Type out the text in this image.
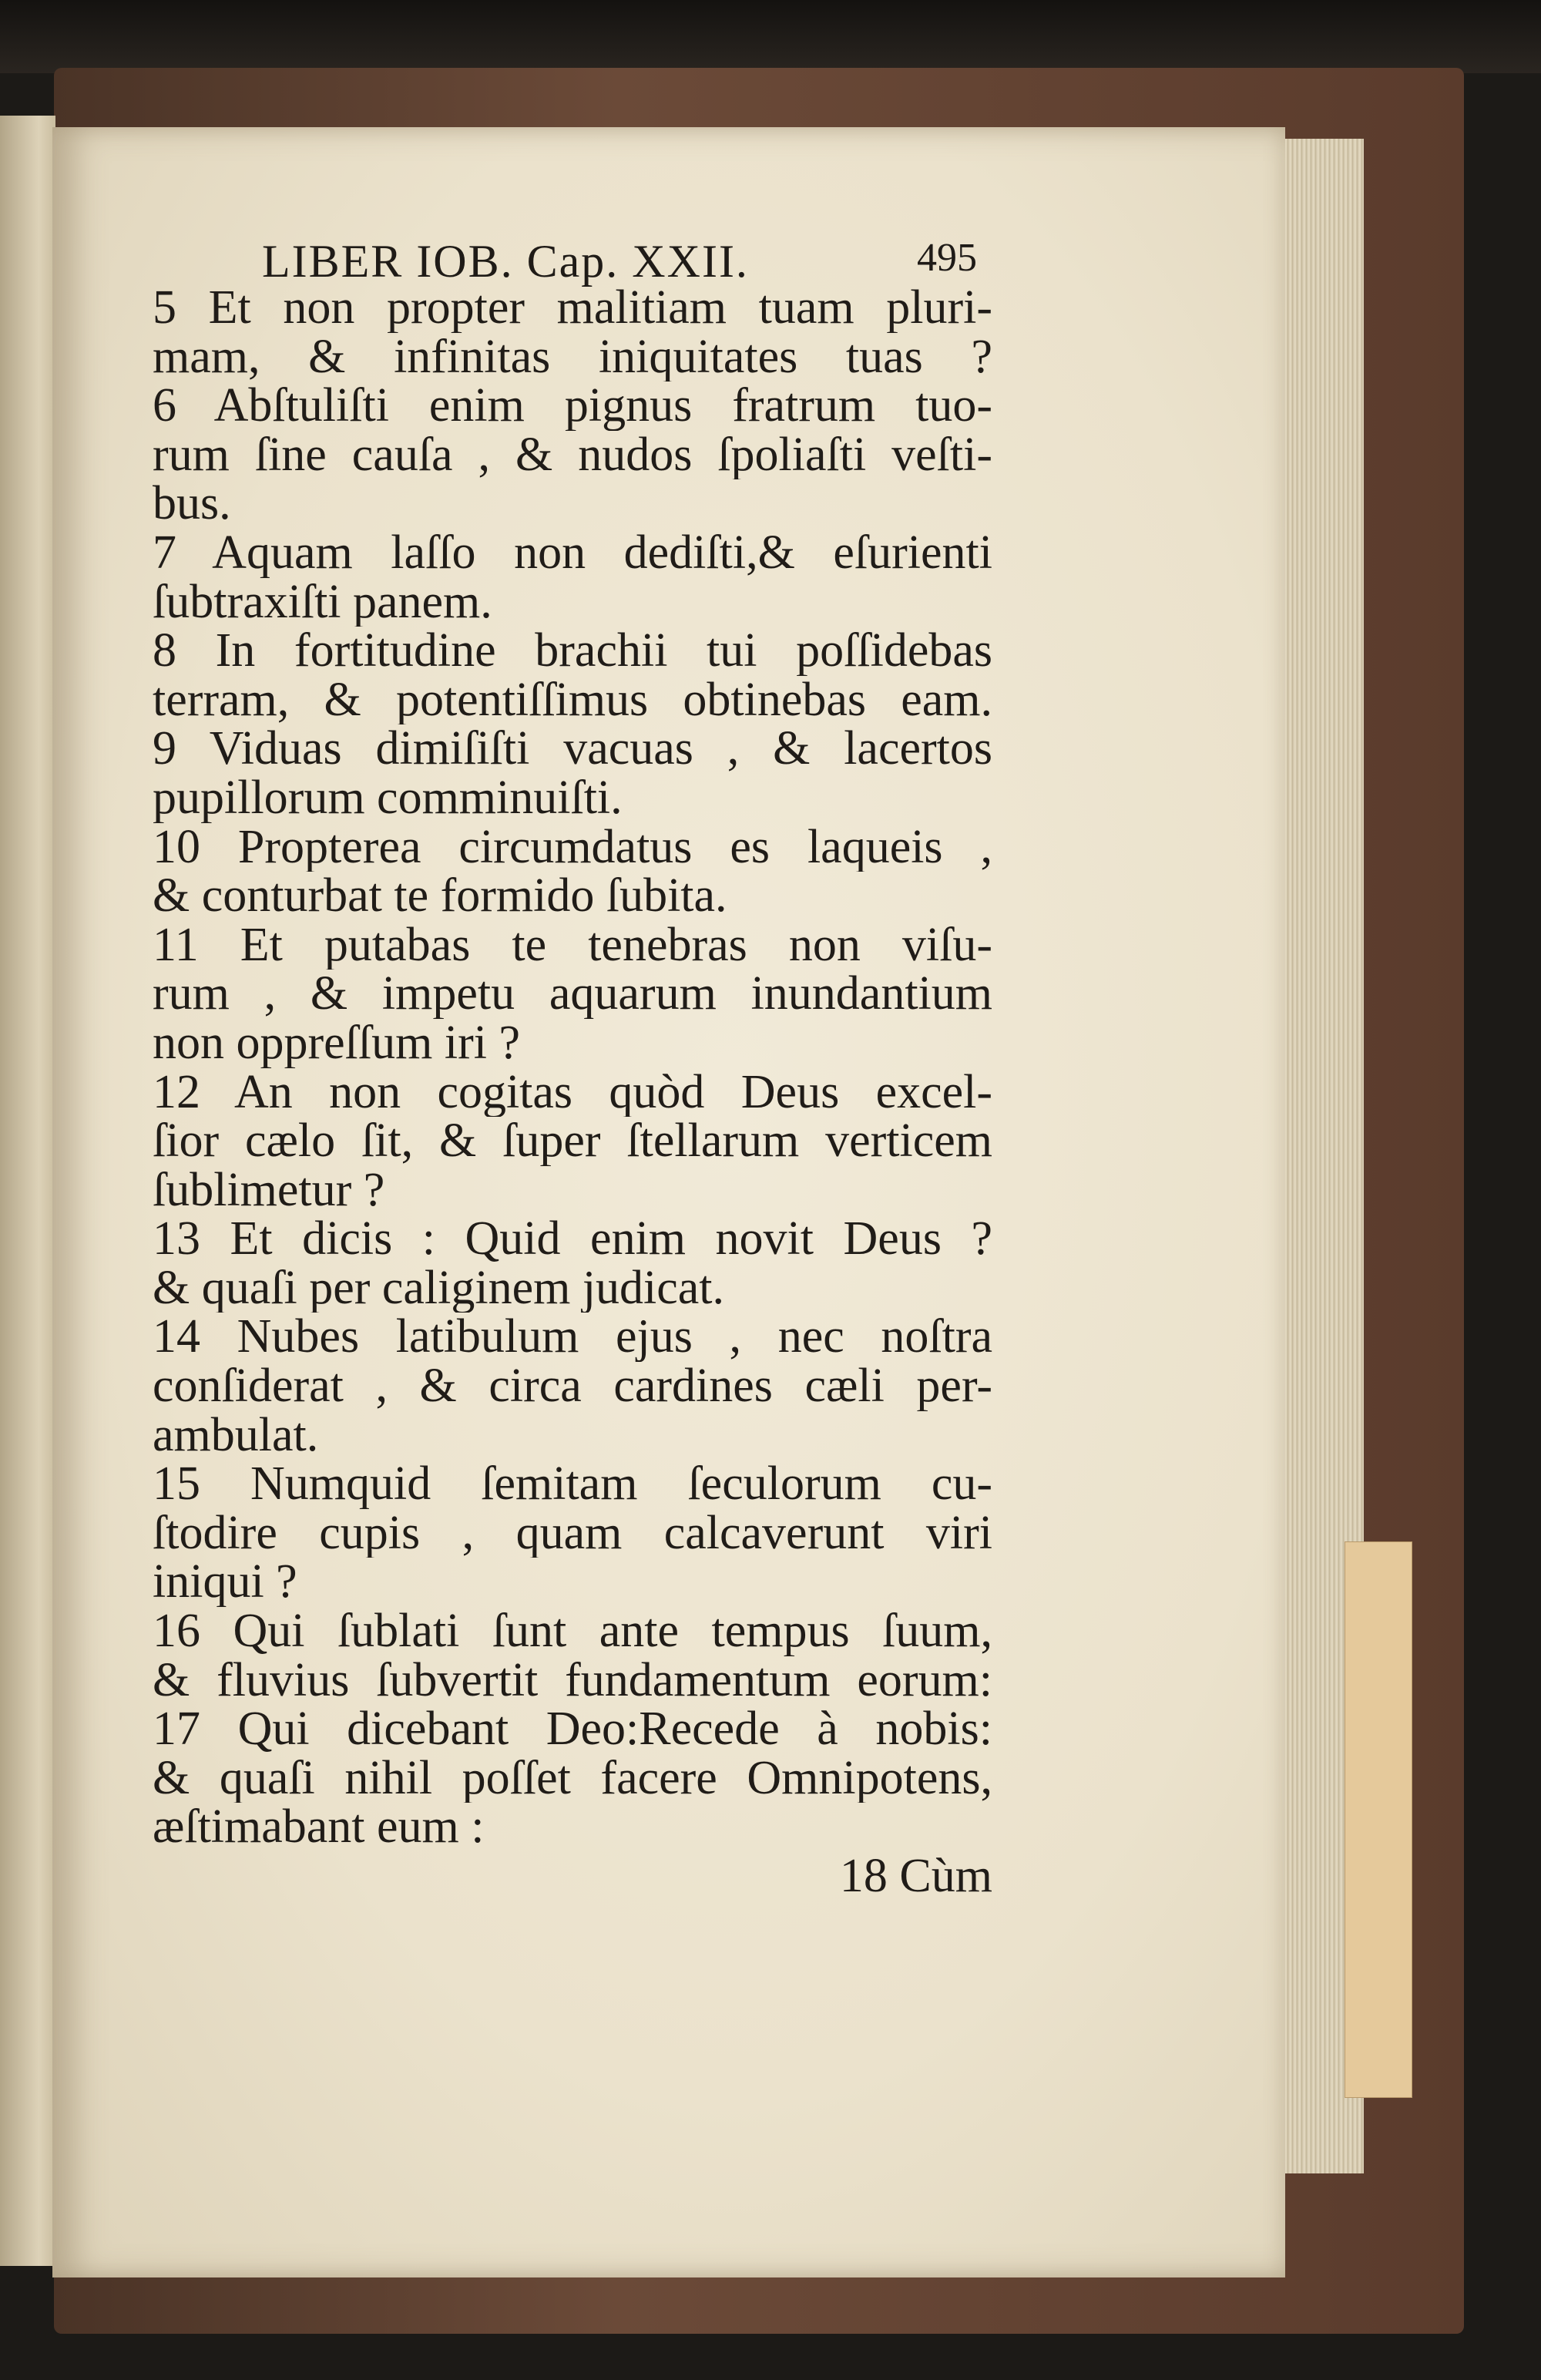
LIBER IOB. Cap. XXII.	495
5 Et non propter malitiam tuam pluri-
mam, & infinitas iniquitates tuas ?
6 Abſtuliſti enim pignus fratrum tuo-
rum ſine cauſa , & nudos ſpoliaſti veſti-
bus.
7 Aquam laſſo non dediſti,& eſurienti
ſubtraxiſti panem.
8 In fortitudine brachii tui poſſidebas
terram, & potentiſſimus obtinebas eam.
9 Viduas dimiſiſti vacuas , & lacertos
pupillorum comminuiſti.
10 Propterea circumdatus es laqueis ,
& conturbat te formido ſubita.
11 Et putabas te tenebras non viſu-
rum , & impetu aquarum inundantium
non oppreſſum iri ?
12 An non cogitas quòd Deus excel-
ſior cælo ſit, & ſuper ſtellarum verticem
ſublimetur ?
13 Et dicis : Quid enim novit Deus ?
& quaſi per caliginem judicat.
14 Nubes latibulum ejus , nec noſtra
conſiderat , & circa cardines cæli per-
ambulat.
15 Numquid ſemitam ſeculorum cu-
ſtodire cupis , quam calcaverunt viri
iniqui ?
16 Qui ſublati ſunt ante tempus ſuum,
& fluvius ſubvertit fundamentum eorum:
17 Qui dicebant Deo:Recede à nobis:
& quaſi nihil poſſet facere Omnipotens,
æſtimabant eum :
18 Cùm
